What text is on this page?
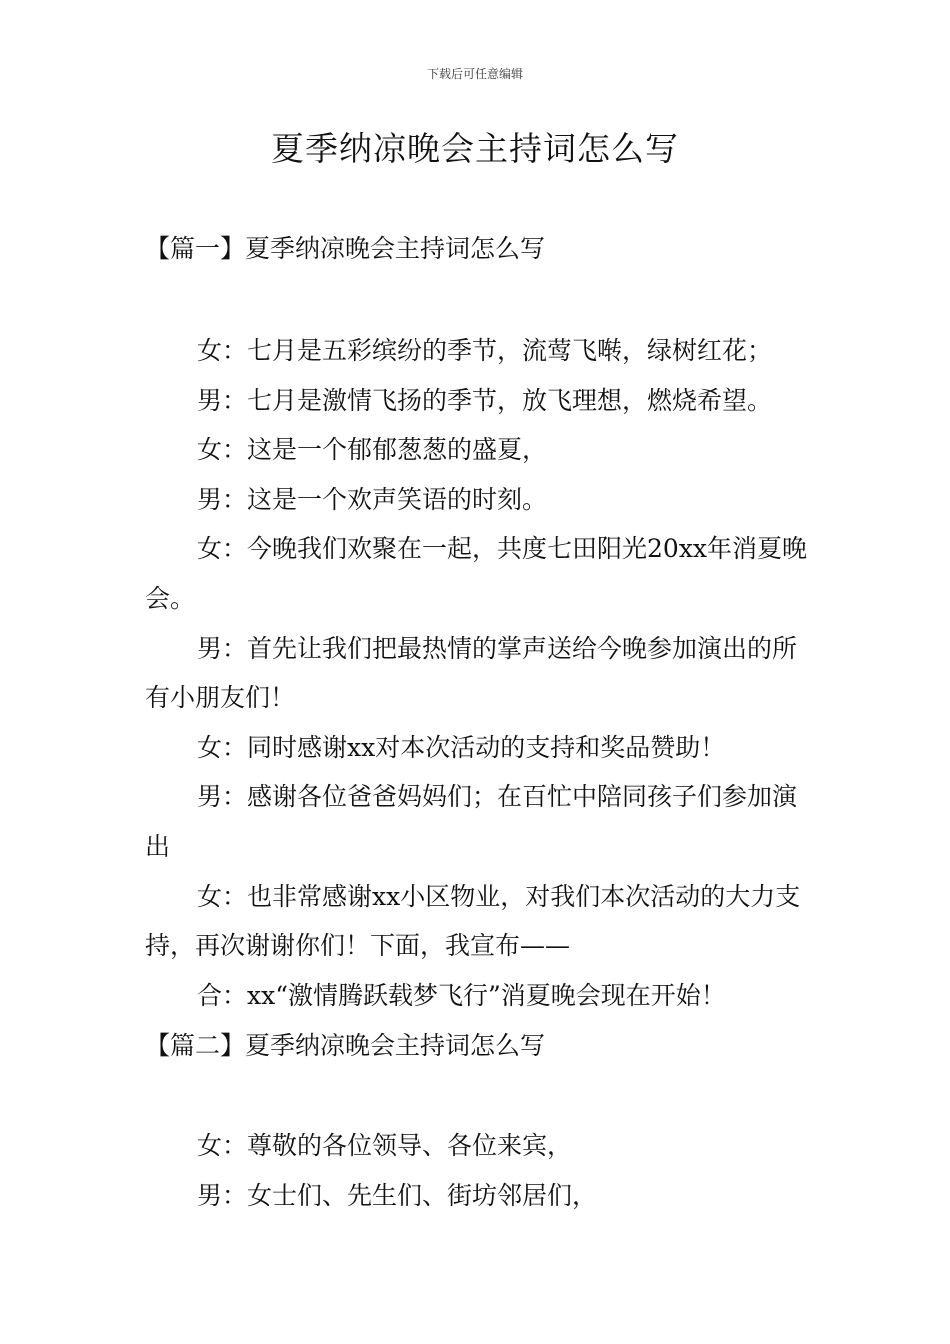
下载后可任意编辑
夏季纳凉晚会主持词怎么写
【篇一】夏季纳凉晚会主持词怎么写

女：七月是五彩缤纷的季节，流莺飞啭，绿树红花；

男：七月是激情飞扬的季节，放飞理想，燃烧希望。

女：这是一个郁郁葱葱的盛夏，

男：这是一个欢声笑语的时刻。

女：今晚我们欢聚在一起，共度七田阳光20xx年消夏晚会。

男：首先让我们把最热情的掌声送给今晚参加演出的所有小朋友们！

女：同时感谢xx对本次活动的支持和奖品赞助！

男：感谢各位爸爸妈妈们；在百忙中陪同孩子们参加演出

女：也非常感谢xx小区物业，对我们本次活动的大力支持，再次谢谢你们！下面，我宣布——

合：xx“激情腾跃载梦飞行”消夏晚会现在开始！

【篇二】夏季纳凉晚会主持词怎么写

女：尊敬的各位领导、各位来宾，

男：女士们、先生们、街坊邻居们，
